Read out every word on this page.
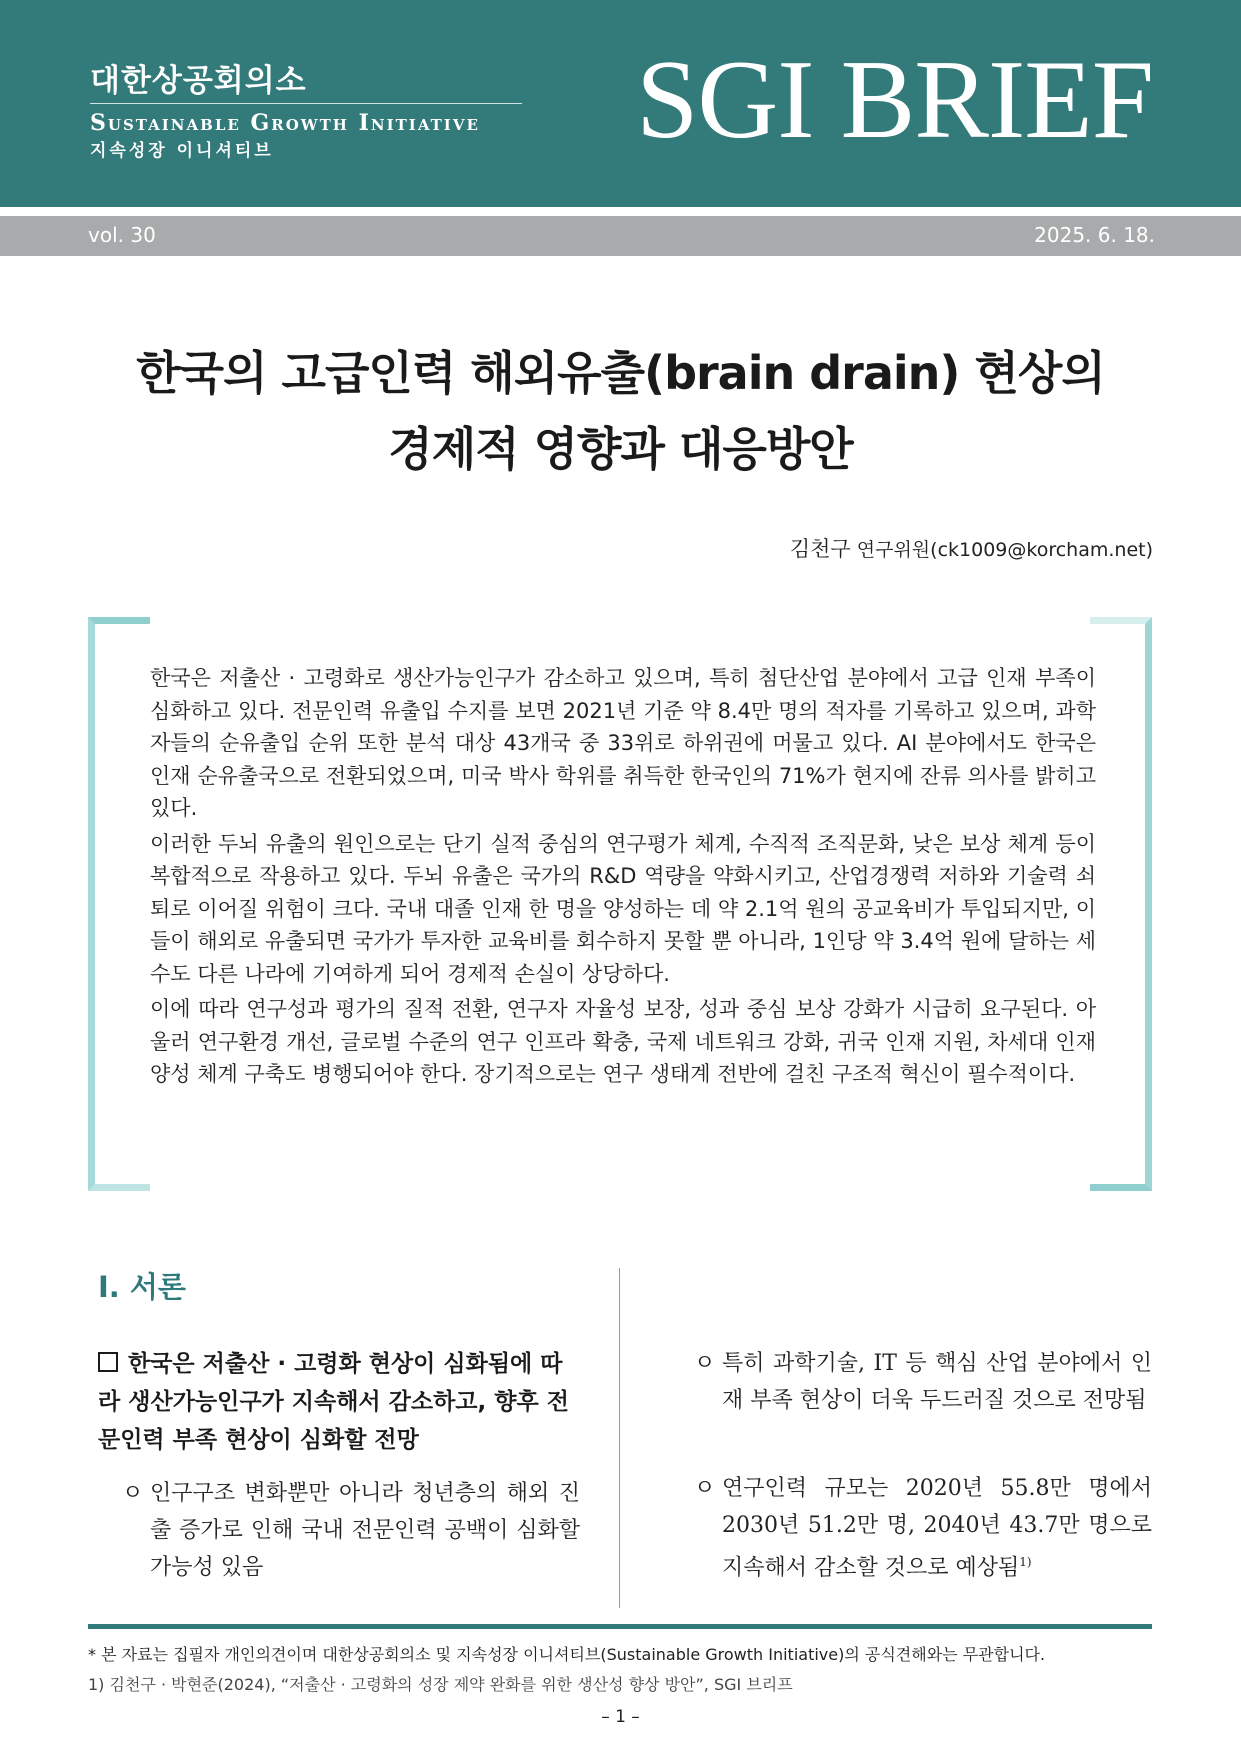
대한상공회의소
Sustainable Growth Initiative
지속성장 이니셔티브	SGI BRIEF
vol. 30	2025. 6. 18.
한국의 고급인력 해외유출(brain drain) 현상의
경제적 영향과 대응방안
김천구 연구위원(ck1009@korcham.net)

한국은 저출산 · 고령화로 생산가능인구가 감소하고 있으며, 특히 첨단산업 분야에서 고급 인재 부족이 심화하고 있다. 전문인력 유출입 수지를 보면 2021년 기준 약 8.4만 명의 적자를 기록하고 있으며, 과학자들의 순유출입 순위 또한 분석 대상 43개국 중 33위로 하위권에 머물고 있다. AI 분야에서도 한국은 인재 순유출국으로 전환되었으며, 미국 박사 학위를 취득한 한국인의 71%가 현지에 잔류 의사를 밝히고 있다.

이러한 두뇌 유출의 원인으로는 단기 실적 중심의 연구평가 체계, 수직적 조직문화, 낮은 보상 체계 등이 복합적으로 작용하고 있다. 두뇌 유출은 국가의 R&D 역량을 약화시키고, 산업경쟁력 저하와 기술력 쇠퇴로 이어질 위험이 크다. 국내 대졸 인재 한 명을 양성하는 데 약 2.1억 원의 공교육비가 투입되지만, 이들이 해외로 유출되면 국가가 투자한 교육비를 회수하지 못할 뿐 아니라, 1인당 약 3.4억 원에 달하는 세수도 다른 나라에 기여하게 되어 경제적 손실이 상당하다.

이에 따라 연구성과 평가의 질적 전환, 연구자 자율성 보장, 성과 중심 보상 강화가 시급히 요구된다. 아울러 연구환경 개선, 글로벌 수준의 연구 인프라 확충, 국제 네트워크 강화, 귀국 인재 지원, 차세대 인재양성 체계 구축도 병행되어야 한다. 장기적으로는 연구 생태계 전반에 걸친 구조적 혁신이 필수적이다.

Ⅰ. 서론
한국은 저출산 · 고령화 현상이 심화됨에 따라 생산가능인구가 지속해서 감소하고, 향후 전문인력 부족 현상이 심화할 전망
ㅇ 인구구조 변화뿐만 아니라 청년층의 해외 진출 증가로 인해 국내 전문인력 공백이 심화할 가능성 있음
ㅇ 특히 과학기술, IT 등 핵심 산업 분야에서 인재 부족 현상이 더욱 두드러질 것으로 전망됨
ㅇ 연구인력 규모는 2020년 55.8만 명에서 2030년 51.2만 명, 2040년 43.7만 명으로 지속해서 감소할 것으로 예상됨$^{1)}$
* 본 자료는 집필자 개인의견이며 대한상공회의소 및 지속성장 이니셔티브(Sustainable Growth Initiative)의 공식견해와는 무관합니다.
1) 김천구 · 박현준(2024), “저출산 · 고령화의 성장 제약 완화를 위한 생산성 향상 방안”, SGI 브리프
– 1 –
